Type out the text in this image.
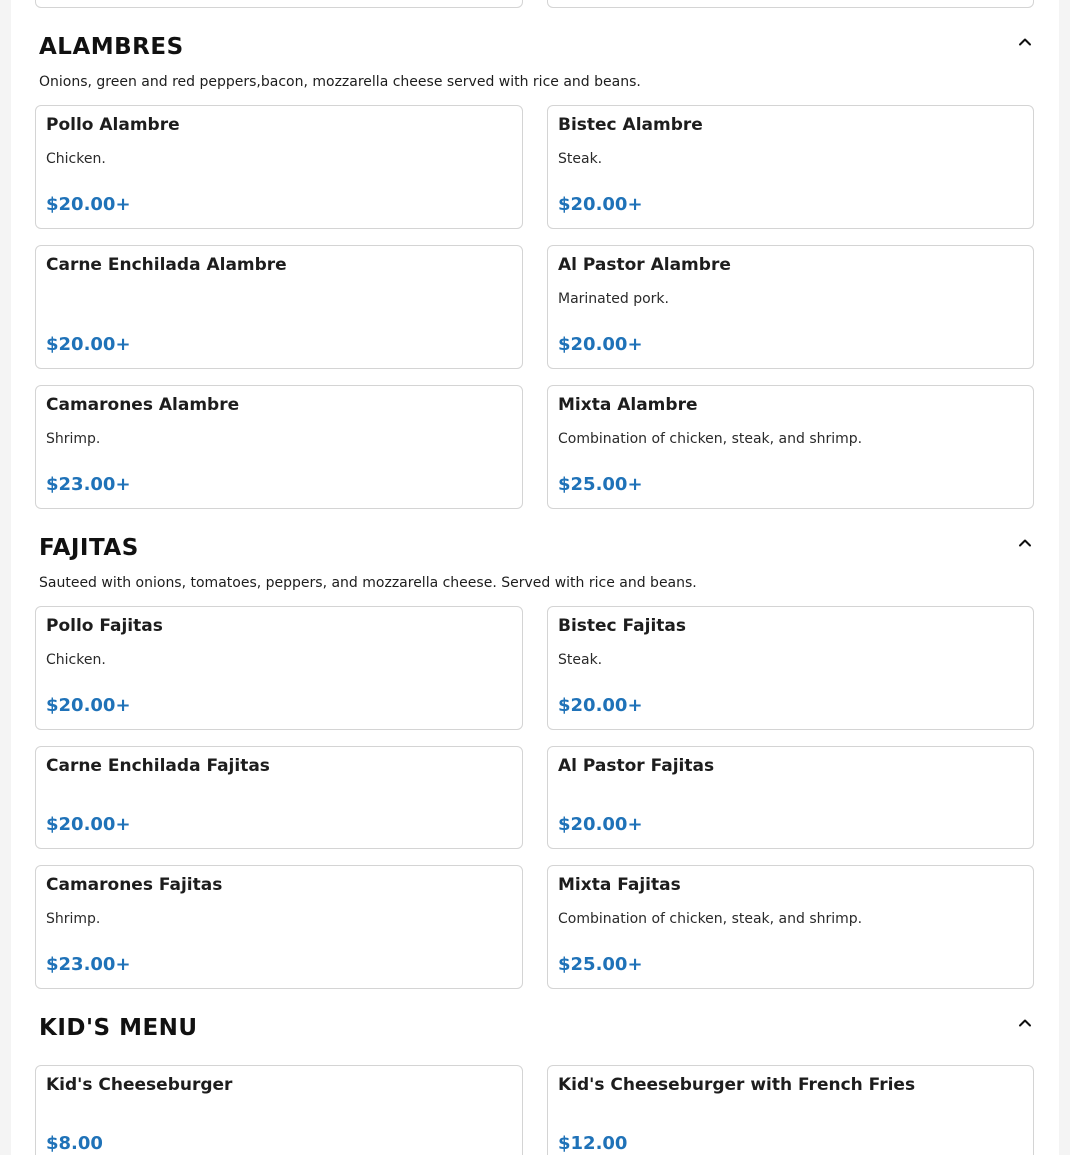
ALAMBRES
Onions, green and red peppers,bacon, mozzarella cheese served with rice and beans.
Pollo Alambre
Chicken.
$20.00+
Bistec Alambre
Steak.
$20.00+
Carne Enchilada Alambre
$20.00+
Al Pastor Alambre
Marinated pork.
$20.00+
Camarones Alambre
Shrimp.
$23.00+
Mixta Alambre
Combination of chicken, steak, and shrimp.
$25.00+
FAJITAS
Sauteed with onions, tomatoes, peppers, and mozzarella cheese. Served with rice and beans.
Pollo Fajitas
Chicken.
$20.00+
Bistec Fajitas
Steak.
$20.00+
Carne Enchilada Fajitas
$20.00+
Al Pastor Fajitas
$20.00+
Camarones Fajitas
Shrimp.
$23.00+
Mixta Fajitas
Combination of chicken, steak, and shrimp.
$25.00+
KID'S MENU
Kid's Cheeseburger
$8.00
Kid's Cheeseburger with French Fries
$12.00
